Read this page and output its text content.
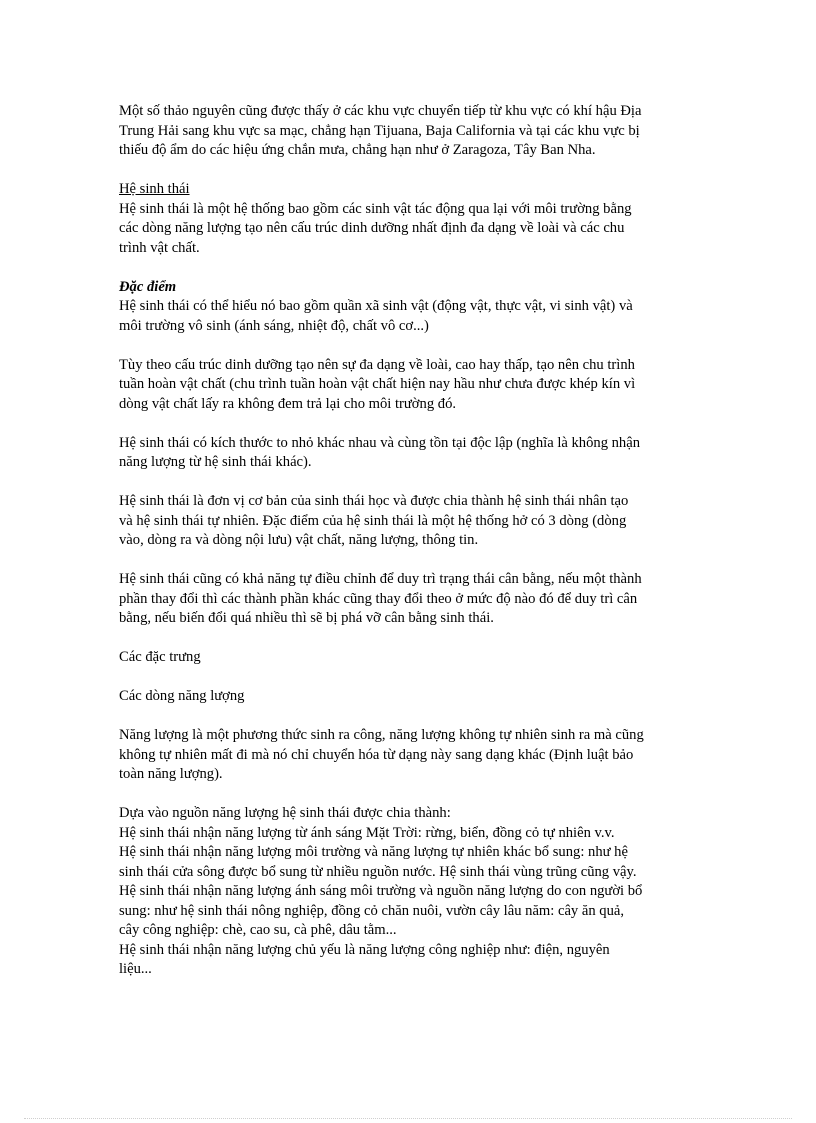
Một số thảo nguyên cũng được thấy ở các khu vực chuyển tiếp từ khu vực có khí hậu Địa
Trung Hải sang khu vực sa mạc, chẳng hạn Tijuana, Baja California và tại các khu vực bị
thiếu độ ẩm do các hiệu ứng chắn mưa, chẳng hạn như ở Zaragoza, Tây Ban Nha.

Hệ sinh thái

Hệ sinh thái là một hệ thống bao gồm các sinh vật tác động qua lại với môi trường bằng
các dòng năng lượng tạo nên cấu trúc dinh dưỡng nhất định đa dạng về loài và các chu
trình vật chất.

Đặc điểm

Hệ sinh thái có thể hiểu nó bao gồm quần xã sinh vật (động vật, thực vật, vi sinh vật) và
môi trường vô sinh (ánh sáng, nhiệt độ, chất vô cơ...)

Tùy theo cấu trúc dinh dưỡng tạo nên sự đa dạng về loài, cao hay thấp, tạo nên chu trình
tuần hoàn vật chất (chu trình tuần hoàn vật chất hiện nay hầu như chưa được khép kín vì
dòng vật chất lấy ra không đem trả lại cho môi trường đó.

Hệ sinh thái có kích thước to nhỏ khác nhau và cùng tồn tại độc lập (nghĩa là không nhận
năng lượng từ hệ sinh thái khác).

Hệ sinh thái là đơn vị cơ bản của sinh thái học và được chia thành hệ sinh thái nhân tạo
và hệ sinh thái tự nhiên. Đặc điểm của hệ sinh thái là một hệ thống hở có 3 dòng (dòng
vào, dòng ra và dòng nội lưu) vật chất, năng lượng, thông tin.

Hệ sinh thái cũng có khả năng tự điều chỉnh để duy trì trạng thái cân bằng, nếu một thành
phần thay đổi thì các thành phần khác cũng thay đổi theo ở mức độ nào đó để duy trì cân
bằng, nếu biến đổi quá nhiều thì sẽ bị phá vỡ cân bằng sinh thái.

Các đặc trưng

Các dòng năng lượng

Năng lượng là một phương thức sinh ra công, năng lượng không tự nhiên sinh ra mà cũng
không tự nhiên mất đi mà nó chỉ chuyển hóa từ dạng này sang dạng khác (Định luật bảo
toàn năng lượng).

Dựa vào nguồn năng lượng hệ sinh thái được chia thành:
Hệ sinh thái nhận năng lượng từ ánh sáng Mặt Trời: rừng, biển, đồng cỏ tự nhiên v.v.
Hệ sinh thái nhận năng lượng môi trường và năng lượng tự nhiên khác bổ sung: như hệ
sinh thái cửa sông được bổ sung từ nhiều nguồn nước. Hệ sinh thái vùng trũng cũng vậy.
Hệ sinh thái nhận năng lượng ánh sáng môi trường và nguồn năng lượng do con người bổ
sung: như hệ sinh thái nông nghiệp, đồng cỏ chăn nuôi, vườn cây lâu năm: cây ăn quả,
cây công nghiệp: chè, cao su, cà phê, dâu tằm...
Hệ sinh thái nhận năng lượng chủ yếu là năng lượng công nghiệp như: điện, nguyên
liệu...
